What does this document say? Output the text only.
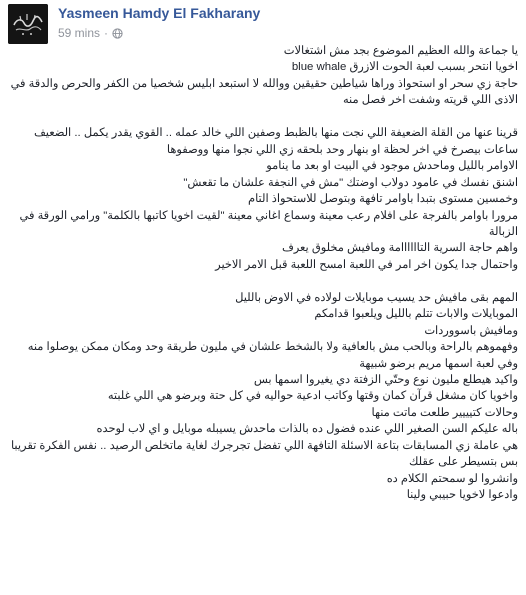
Yasmeen Hamdy El Fakharany
59 mins ·
يا جماعة والله العظيم الموضوع بجد مش اشتغالات
اخويا انتحر بسبب لعبة الحوت الازرق blue whale
حاجة زي سحر او استحواذ وراها شياطين حقيقين ووالله لا استبعد ابليس شخصيا من الكفر والحرص والدقة في
الاذى اللي قريته وشفت اخر فصل منه
قرينا عنها من القلة الضعيفة اللي نجت منها بالظبط وصفين اللي خالد عمله .. القوي يقدر يكمل .. الضعيف
ساعات بيصرخ في اخر لحظة او بنهار وحد بلحقه زي اللي نجوا منها ووصفوها
الاوامر بالليل وماحدش موجود في البيت او بعد ما ينامو
اشنق نفسك في عامود دولاب اوضتك "مش في النجفة علشان ما تقعش"
وخمسين مستوى بتبدا باوامر تافهة وبتوصل للاستحواذ التام
مرورا باوامر بالفرجة على افلام رعب معينة وسماع اغاني معينة "لقيت اخويا كاتبها بالكلمة" ورامي الورقة في
الزبالة
واهم حاجة السرية التاااااامة ومافيش مخلوق يعرف
واحتمال جدا يكون اخر امر في اللعبة امسح اللعبة قبل الامر الاخير
المهم بقى مافيش حد يسيب موبايلات لولاده في الاوض بالليل
الموبايلات والابات تتلم بالليل ويلعبوا قدامكم
ومافيش باسووردات
وفهموهم بالراحة وبالحب مش بالعافية ولا بالشخط علشان في مليون طريقة وحد ومكان ممكن يوصلوا منه
وفي لعبة اسمها مريم برضو شبيهة
واكيد هيطلع مليون نوع وحتّي الزفتة دي يغيروا اسمها بس
واخويا كان مشغل قرآن كمان وقتها وكاتب ادعية حواليه في كل حتة وبرضو هي اللي غلبته
وحالات كتيييير طلعت ماتت منها
باله عليكم السن الصغير اللي عنده فضول ده بالذات ماحدش يسيبله موبايل و اي لاب لوحده
هي عاملة زي المسابقات بتاعة الاسئلة التافهة اللي تفضل تجرجرك لغاية ماتخلص الرصيد .. نفس الفكرة تقريبا
بس بتسيطر على عقلك
وانشروا لو سمحتم الكلام ده
وادعوا لاخويا حبيبي ولينا
